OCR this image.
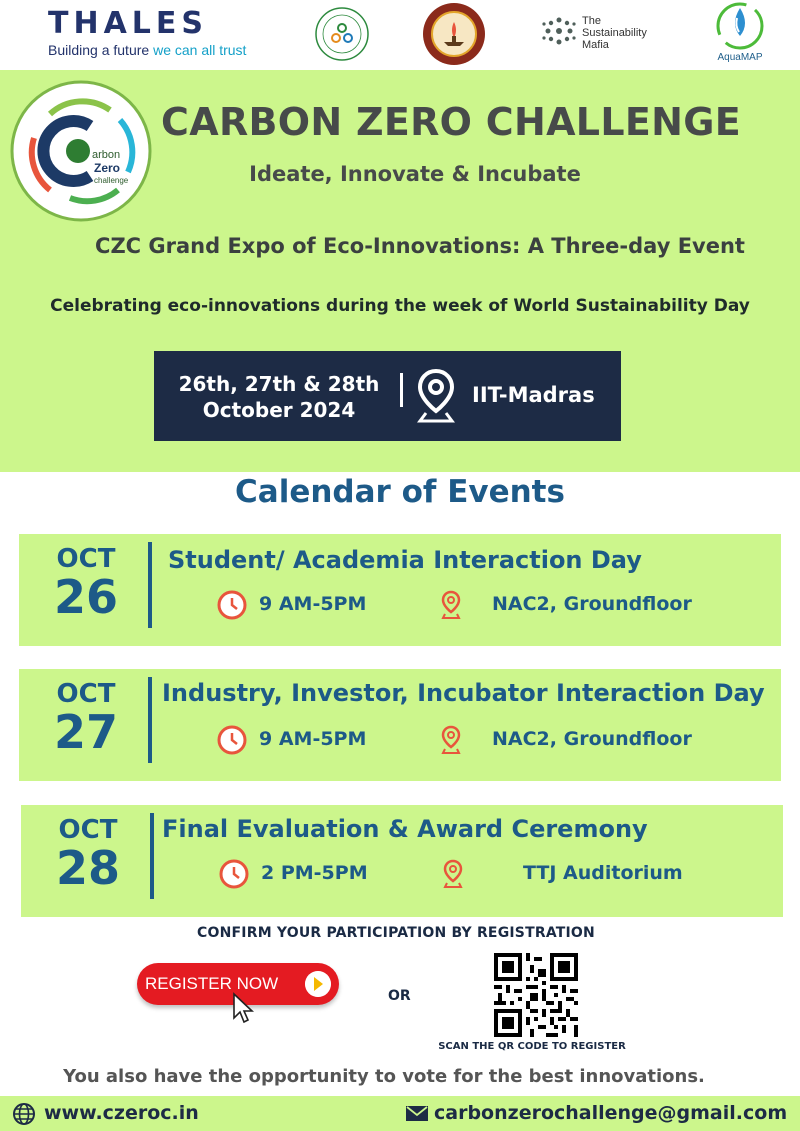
THALES
Building a future we can all trust
The
Sustainability
Mafia
AquaMAP
arbon
Zero
challenge
CARBON ZERO CHALLENGE
Ideate, Innovate & Incubate
CZC Grand Expo of Eco-Innovations: A Three-day Event
Celebrating eco-innovations during the week of World Sustainability Day
26th, 27th & 28th
October 2024
IIT-Madras
Calendar of Events
OCT
26
Student/ Academia Interaction Day
9 AM-5PM	NAC2, Groundfloor
OCT
27
Industry, Investor, Incubator Interaction Day
9 AM-5PM	NAC2, Groundfloor
OCT
28
Final Evaluation & Award Ceremony
2 PM-5PM	TTJ Auditorium
CONFIRM YOUR PARTICIPATION BY REGISTRATION
REGISTER NOW
OR
SCAN THE QR CODE TO REGISTER
You also have the opportunity to vote for the best innovations.
www.czeroc.in	carbonzerochallenge@gmail.com
